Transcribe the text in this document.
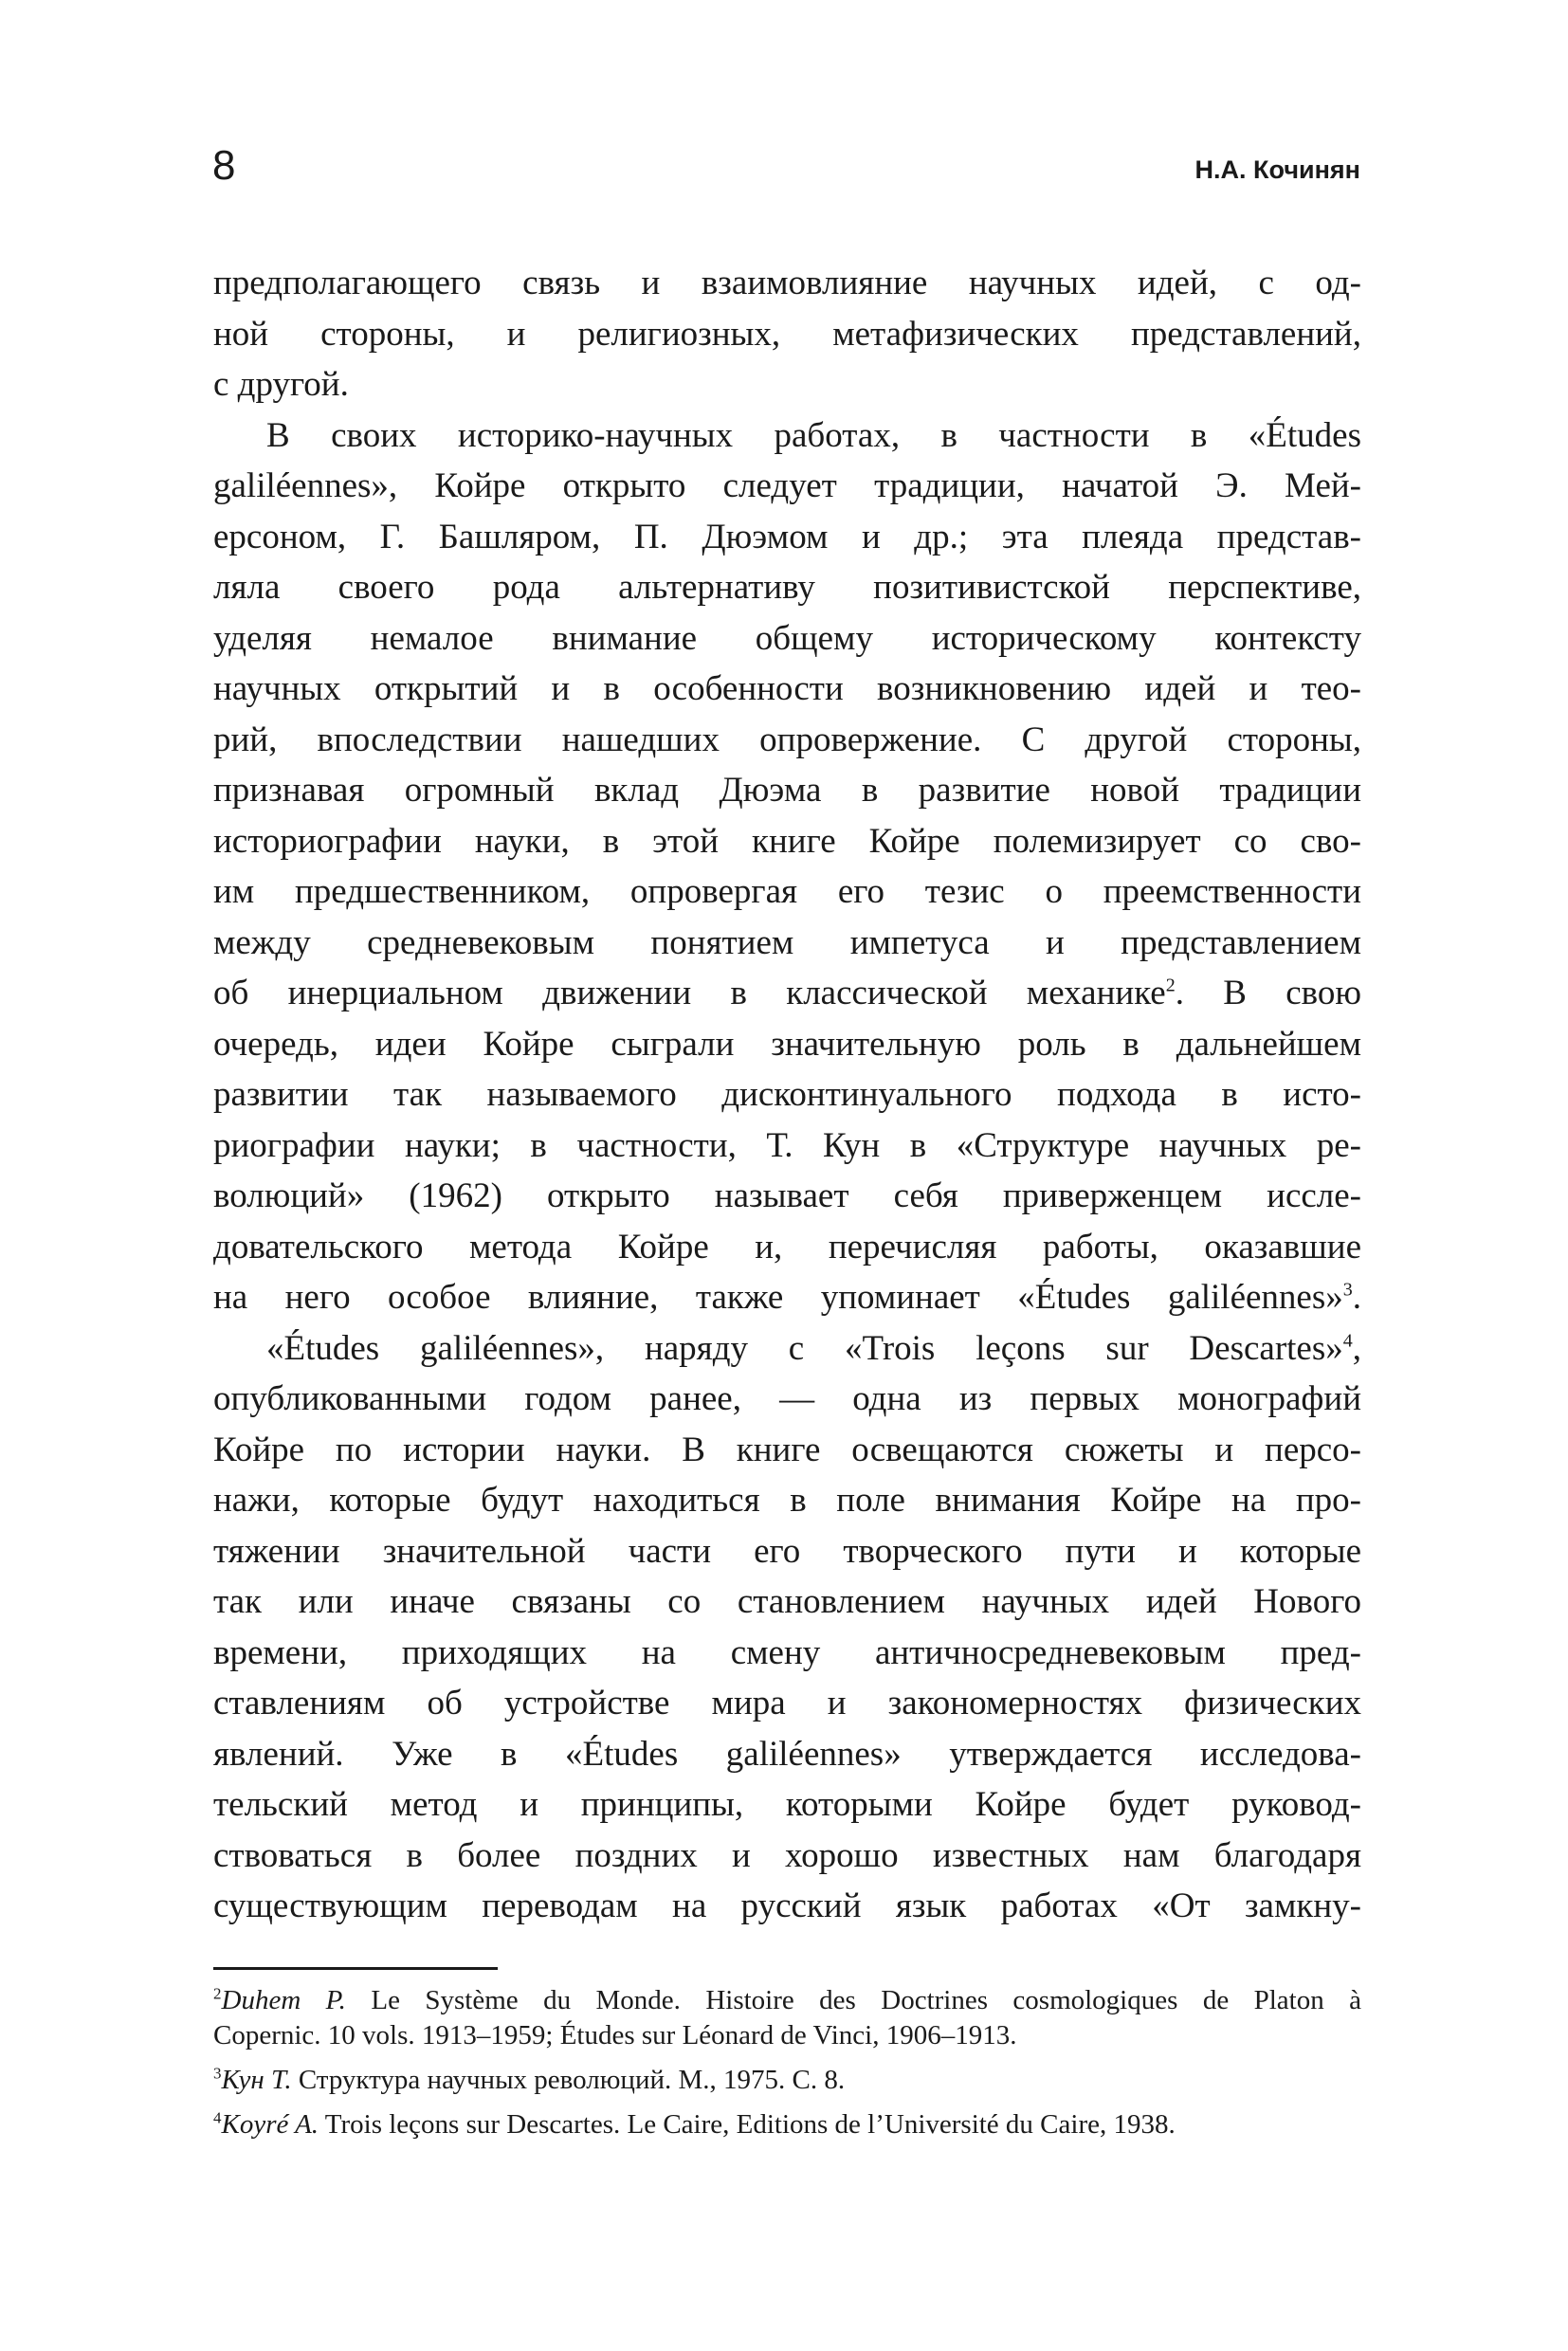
8	Н.А. Кочинян
предполагающего связь и взаимовлияние научных идей, с од-
ной стороны, и религиозных, метафизических представлений,
с другой.
В своих историко-научных работах, в частности в «Études
galiléennes», Койре открыто следует традиции, начатой Э. Мей-
ерсоном, Г. Башляром, П. Дюэмом и др.; эта плеяда представ-
ляла своего рода альтернативу позитивистской перспективе,
уделяя немалое внимание общему историческому контексту
научных открытий и в особенности возникновению идей и тео-
рий, впоследствии нашедших опровержение. С другой стороны,
признавая огромный вклад Дюэма в развитие новой традиции
историографии науки, в этой книге Койре полемизирует со сво-
им предшественником, опровергая его тезис о преемственности
между средневековым понятием импетуса и представлением
об инерциальном движении в классической механике$^2$. В свою
очередь, идеи Койре сыграли значительную роль в дальнейшем
развитии так называемого дисконтинуального подхода в исто-
риографии науки; в частности, Т. Кун в «Структуре научных ре-
волюций» (1962) открыто называет себя приверженцем иссле-
довательского метода Койре и, перечисляя работы, оказавшие
на него особое влияние, также упоминает «Études galiléennes»$^3$.
«Études galiléennes», наряду с «Trois leçons sur Descartes»$^4$,
опубликованными годом ранее, — одна из первых монографий
Койре по истории науки. В книге освещаются сюжеты и персо-
нажи, которые будут находиться в поле внимания Койре на про-
тяжении значительной части его творческого пути и которые
так или иначе связаны со становлением научных идей Нового
времени, приходящих на смену античносредневековым пред-
ставлениям об устройстве мира и закономерностях физических
явлений. Уже в «Études galiléennes» утверждается исследова-
тельский метод и принципы, которыми Койре будет руковод-
ствоваться в более поздних и хорошо известных нам благодаря
существующим переводам на русский язык работах «От замкну-
$^2$Duhem P. Le Système du Monde. Histoire des Doctrines cosmologiques de Platon à
Copernic. 10 vols. 1913–1959; Études sur Léonard de Vinci, 1906–1913.
$^3$Кун Т. Структура научных революций. М., 1975. С. 8.
$^4$Koyré A. Trois leçons sur Descartes. Le Caire, Editions de l’Université du Caire, 1938.
